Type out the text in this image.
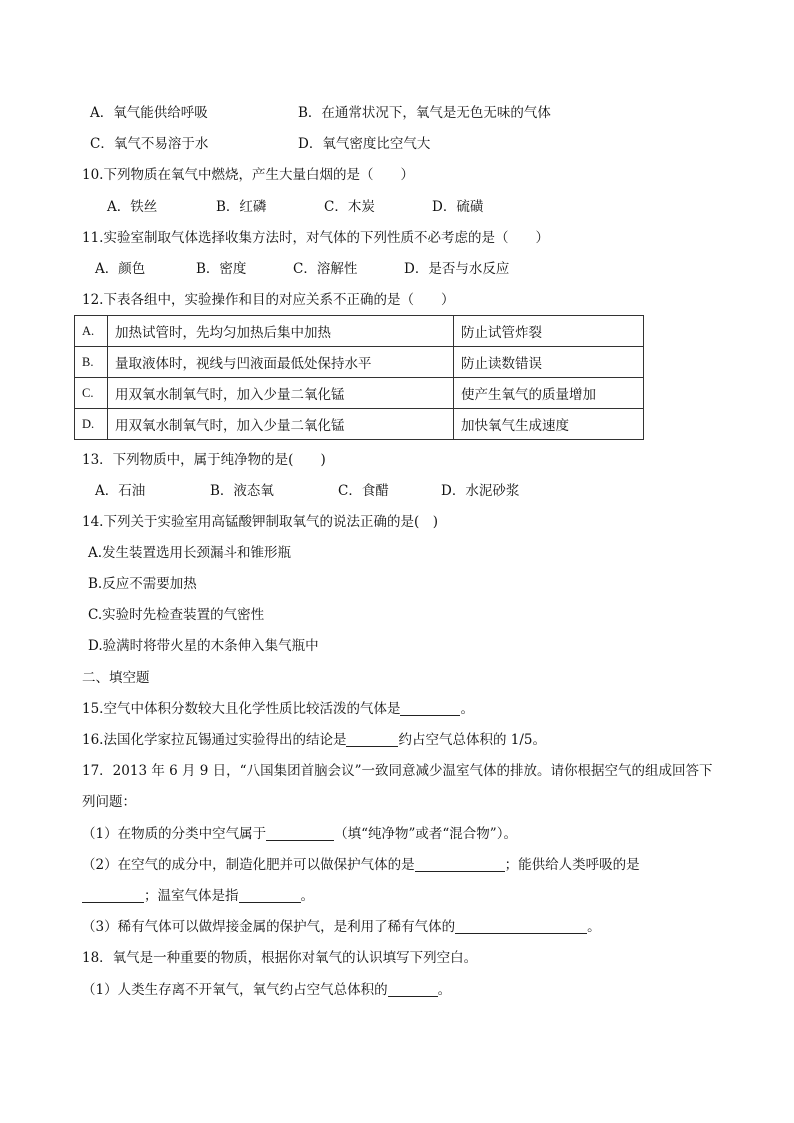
A．氧气能供给呼吸	B．在通常状况下，氧气是无色无味的气体
C．氧气不易溶于水	D．氧气密度比空气大
10.下列物质在氧气中燃烧，产生大量白烟的是（　　）
A．铁丝	B．红磷	C．木炭	D．硫磺
11.实验室制取气体选择收集方法时，对气体的下列性质不必考虑的是（　　）
A．颜色	B．密度	C．溶解性	D．是否与水反应
12.下表各组中，实验操作和目的对应关系不正确的是（　　）
A.	加热试管时，先均匀加热后集中加热	防止试管炸裂
B.	量取液体时，视线与凹液面最低处保持水平	防止读数错误
C.	用双氧水制氧气时，加入少量二氧化锰	使产生氧气的质量增加
D.	用双氧水制氧气时，加入少量二氧化锰	加快氧气生成速度
13．下列物质中，属于纯净物的是(　　)
A．石油	B．液态氧	C．食醋	D．水泥砂浆
14.下列关于实验室用高锰酸钾制取氧气的说法正确的是(　)
A.发生装置选用长颈漏斗和锥形瓶
B.反应不需要加热
C.实验时先检查装置的气密性
D.验满时将带火星的木条伸入集气瓶中
二、填空题
15.空气中体积分数较大且化学性质比较活泼的气体是	。
16.法国化学家拉瓦锡通过实验得出的结论是	约占空气总体积的 1/5。
17．2013 年 6 月 9 日，“八国集团首脑会议”一致同意减少温室气体的排放。请你根据空气的组成回答下
列问题：
（1）在物质的分类中空气属于	（填“纯净物”或者“混合物”）。
（2）在空气的成分中，制造化肥并可以做保护气体的是	；能供给人类呼吸的是
；温室气体是指	。
（3）稀有气体可以做焊接金属的保护气，是利用了稀有气体的	。
18．氧气是一种重要的物质，根据你对氧气的认识填写下列空白。
（1）人类生存离不开氧气，氧气约占空气总体积的	。
